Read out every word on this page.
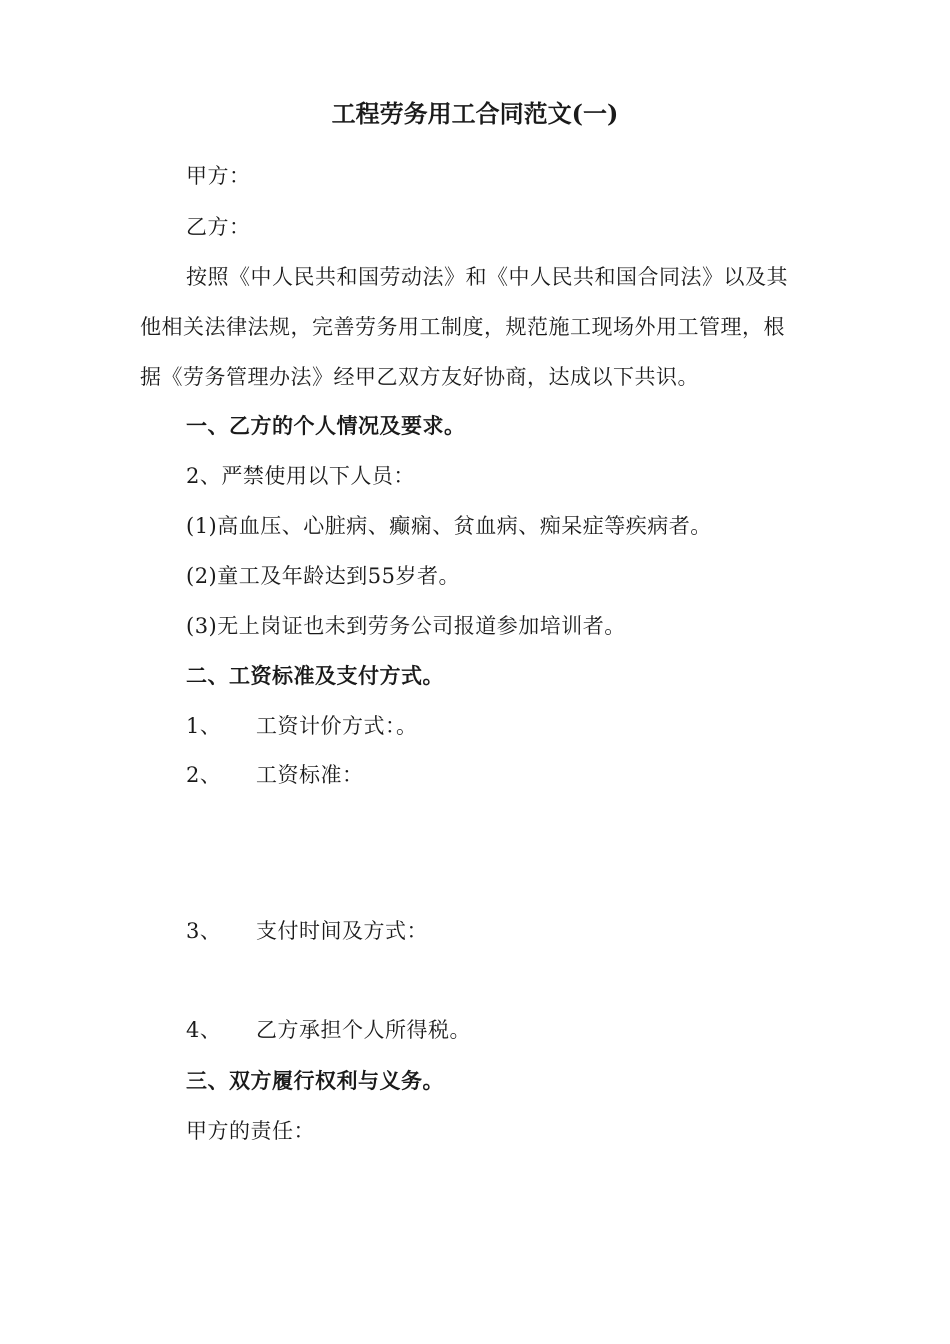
工程劳务用工合同范文(一)
甲方：
乙方：
按照《中人民共和国劳动法》和《中人民共和国合同法》以及其
他相关法律法规，完善劳务用工制度，规范施工现场外用工管理，根
据《劳务管理办法》经甲乙双方友好协商，达成以下共识。
一、乙方的个人情况及要求。
2、严禁使用以下人员：
(1)高血压、心脏病、癫痫、贫血病、痴呆症等疾病者。
(2)童工及年龄达到55岁者。
(3)无上岗证也未到劳务公司报道参加培训者。
二、工资标准及支付方式。
1、 工资计价方式：。
2、 工资标准：
3、 支付时间及方式：
4、 乙方承担个人所得税。
三、双方履行权利与义务。
甲方的责任：
